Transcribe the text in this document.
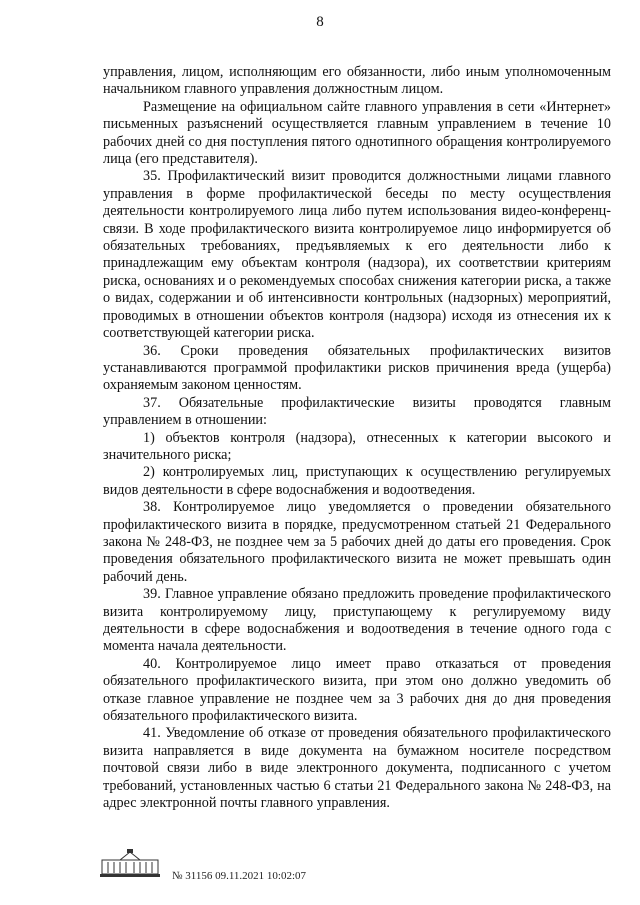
8

управления, лицом, исполняющим его обязанности, либо иным уполномоченным начальником главного управления должностным лицом.

Размещение на официальном сайте главного управления в сети «Интернет» письменных разъяснений осуществляется главным управлением в течение 10 рабочих дней со дня поступления пятого однотипного обращения контролируемого лица (его представителя).

35. Профилактический визит проводится должностными лицами главного управления в форме профилактической беседы по месту осуществления деятельности контролируемого лица либо путем использования видео-конференц-связи. В ходе профилактического визита контролируемое лицо информируется об обязательных требованиях, предъявляемых к его деятельности либо к принадлежащим ему объектам контроля (надзора), их соответствии критериям риска, основаниях и о рекомендуемых способах снижения категории риска, а также о видах, содержании и об интенсивности контрольных (надзорных) мероприятий, проводимых в отношении объектов контроля (надзора) исходя из отнесения их к соответствующей категории риска.

36. Сроки проведения обязательных профилактических визитов устанавливаются программой профилактики рисков причинения вреда (ущерба) охраняемым законом ценностям.

37. Обязательные профилактические визиты проводятся главным управлением в отношении:

1) объектов контроля (надзора), отнесенных к категории высокого и значительного риска;

2) контролируемых лиц, приступающих к осуществлению регулируемых видов деятельности в сфере водоснабжения и водоотведения.

38. Контролируемое лицо уведомляется о проведении обязательного профилактического визита в порядке, предусмотренном статьей 21 Федерального закона № 248-ФЗ, не позднее чем за 5 рабочих дней до даты его проведения. Срок проведения обязательного профилактического визита не может превышать один рабочий день.

39. Главное управление обязано предложить проведение профилактического визита контролируемому лицу, приступающему к регулируемому виду деятельности в сфере водоснабжения и водоотведения в течение одного года с момента начала деятельности.

40. Контролируемое лицо имеет право отказаться от проведения обязательного профилактического визита, при этом оно должно уведомить об отказе главное управление не позднее чем за 3 рабочих дня до дня проведения обязательного профилактического визита.

41. Уведомление об отказе от проведения обязательного профилактического визита направляется в виде документа на бумажном носителе посредством почтовой связи либо в виде электронного документа, подписанного с учетом требований, установленных частью 6 статьи 21 Федерального закона № 248-ФЗ, на адрес электронной почты главного управления.

№ 31156 09.11.2021 10:02:07
